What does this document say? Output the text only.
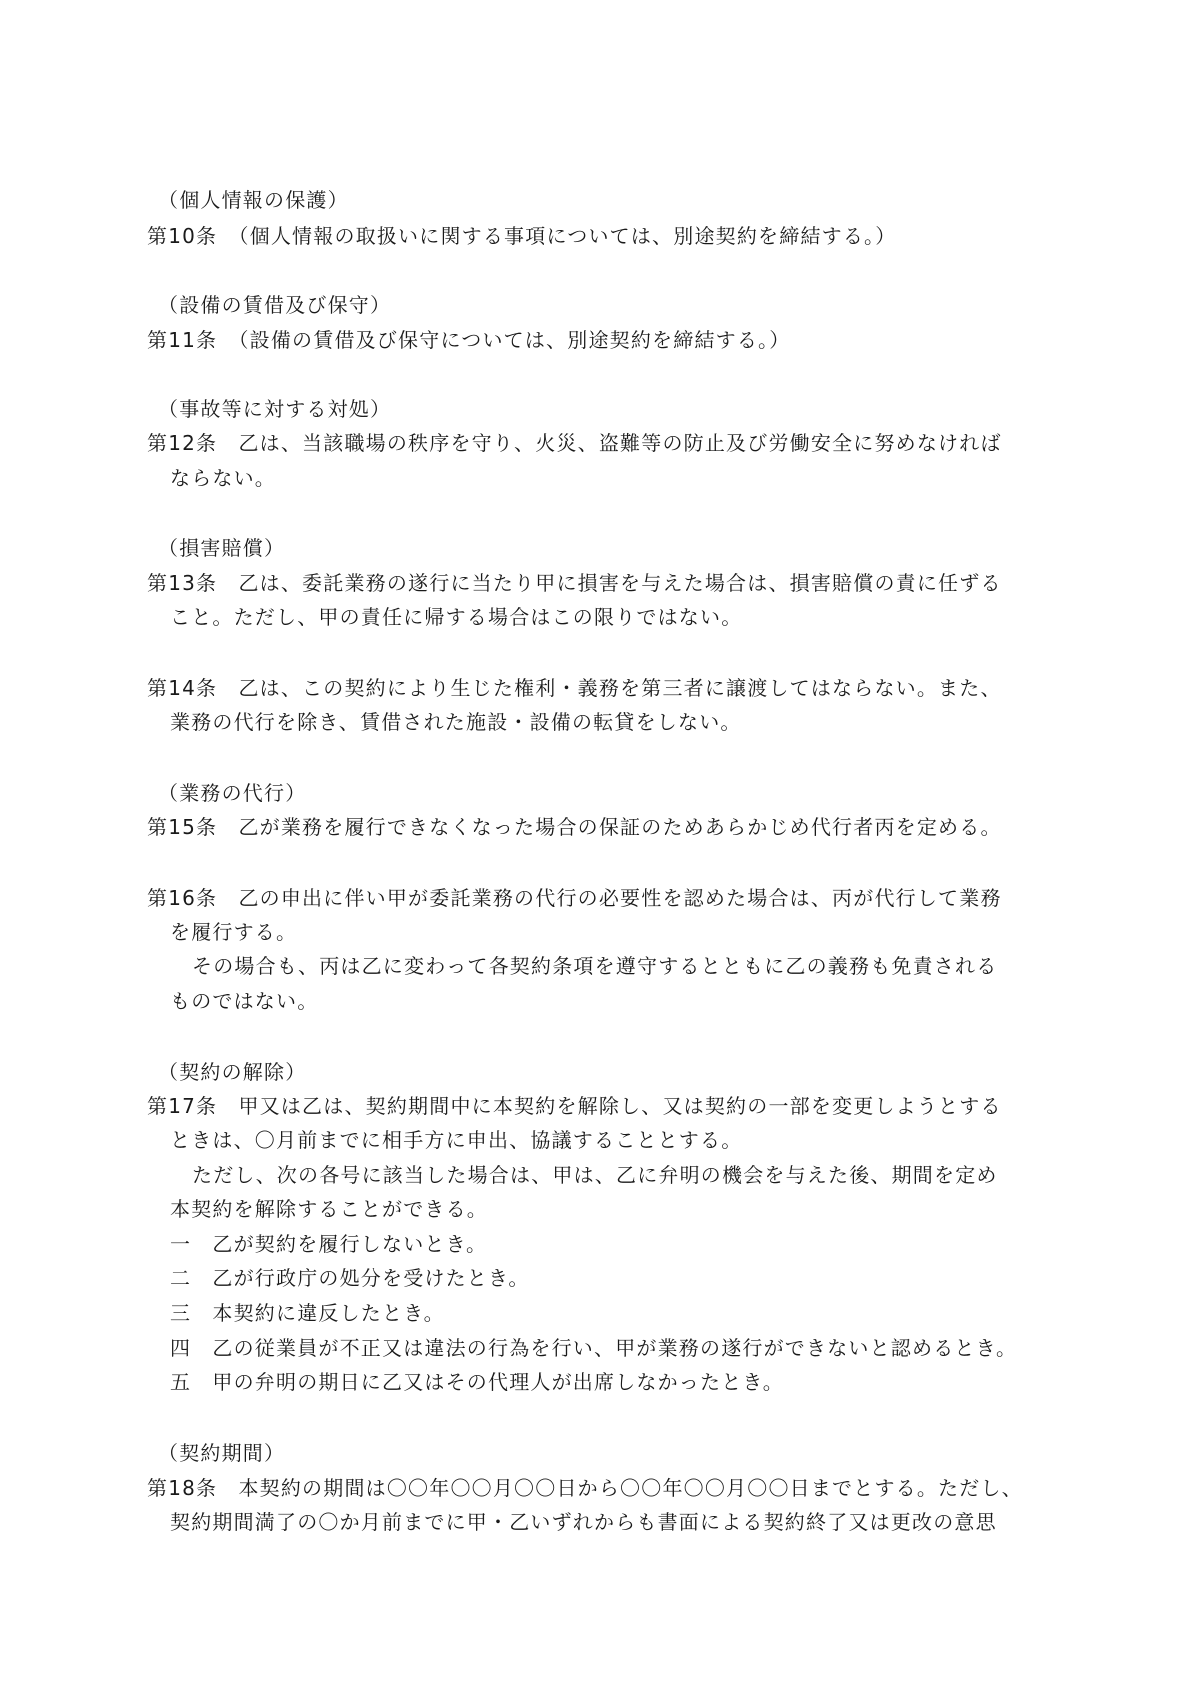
（個人情報の保護）
第10条　（個人情報の取扱いに関する事項については、別途契約を締結する。）
（設備の賃借及び保守）
第11条　（設備の賃借及び保守については、別途契約を締結する。）
（事故等に対する対処）
第12条　乙は、当該職場の秩序を守り、火災、盗難等の防止及び労働安全に努めなければ
ならない。
（損害賠償）
第13条　乙は、委託業務の遂行に当たり甲に損害を与えた場合は、損害賠償の責に任ずる
こと。ただし、甲の責任に帰する場合はこの限りではない。
第14条　乙は、この契約により生じた権利・義務を第三者に譲渡してはならない。また、
業務の代行を除き、賃借された施設・設備の転貸をしない。
（業務の代行）
第15条　乙が業務を履行できなくなった場合の保証のためあらかじめ代行者丙を定める。
第16条　乙の申出に伴い甲が委託業務の代行の必要性を認めた場合は、丙が代行して業務
を履行する。
その場合も、丙は乙に変わって各契約条項を遵守するとともに乙の義務も免責される
ものではない。
（契約の解除）
第17条　甲又は乙は、契約期間中に本契約を解除し、又は契約の一部を変更しようとする
ときは、〇月前までに相手方に申出、協議することとする。
ただし、次の各号に該当した場合は、甲は、乙に弁明の機会を与えた後、期間を定め
本契約を解除することができる。
一　乙が契約を履行しないとき。
二　乙が行政庁の処分を受けたとき。
三　本契約に違反したとき。
四　乙の従業員が不正又は違法の行為を行い、甲が業務の遂行ができないと認めるとき。
五　甲の弁明の期日に乙又はその代理人が出席しなかったとき。
（契約期間）
第18条　本契約の期間は〇〇年〇〇月〇〇日から〇〇年〇〇月〇〇日までとする。ただし、
契約期間満了の〇か月前までに甲・乙いずれからも書面による契約終了又は更改の意思
